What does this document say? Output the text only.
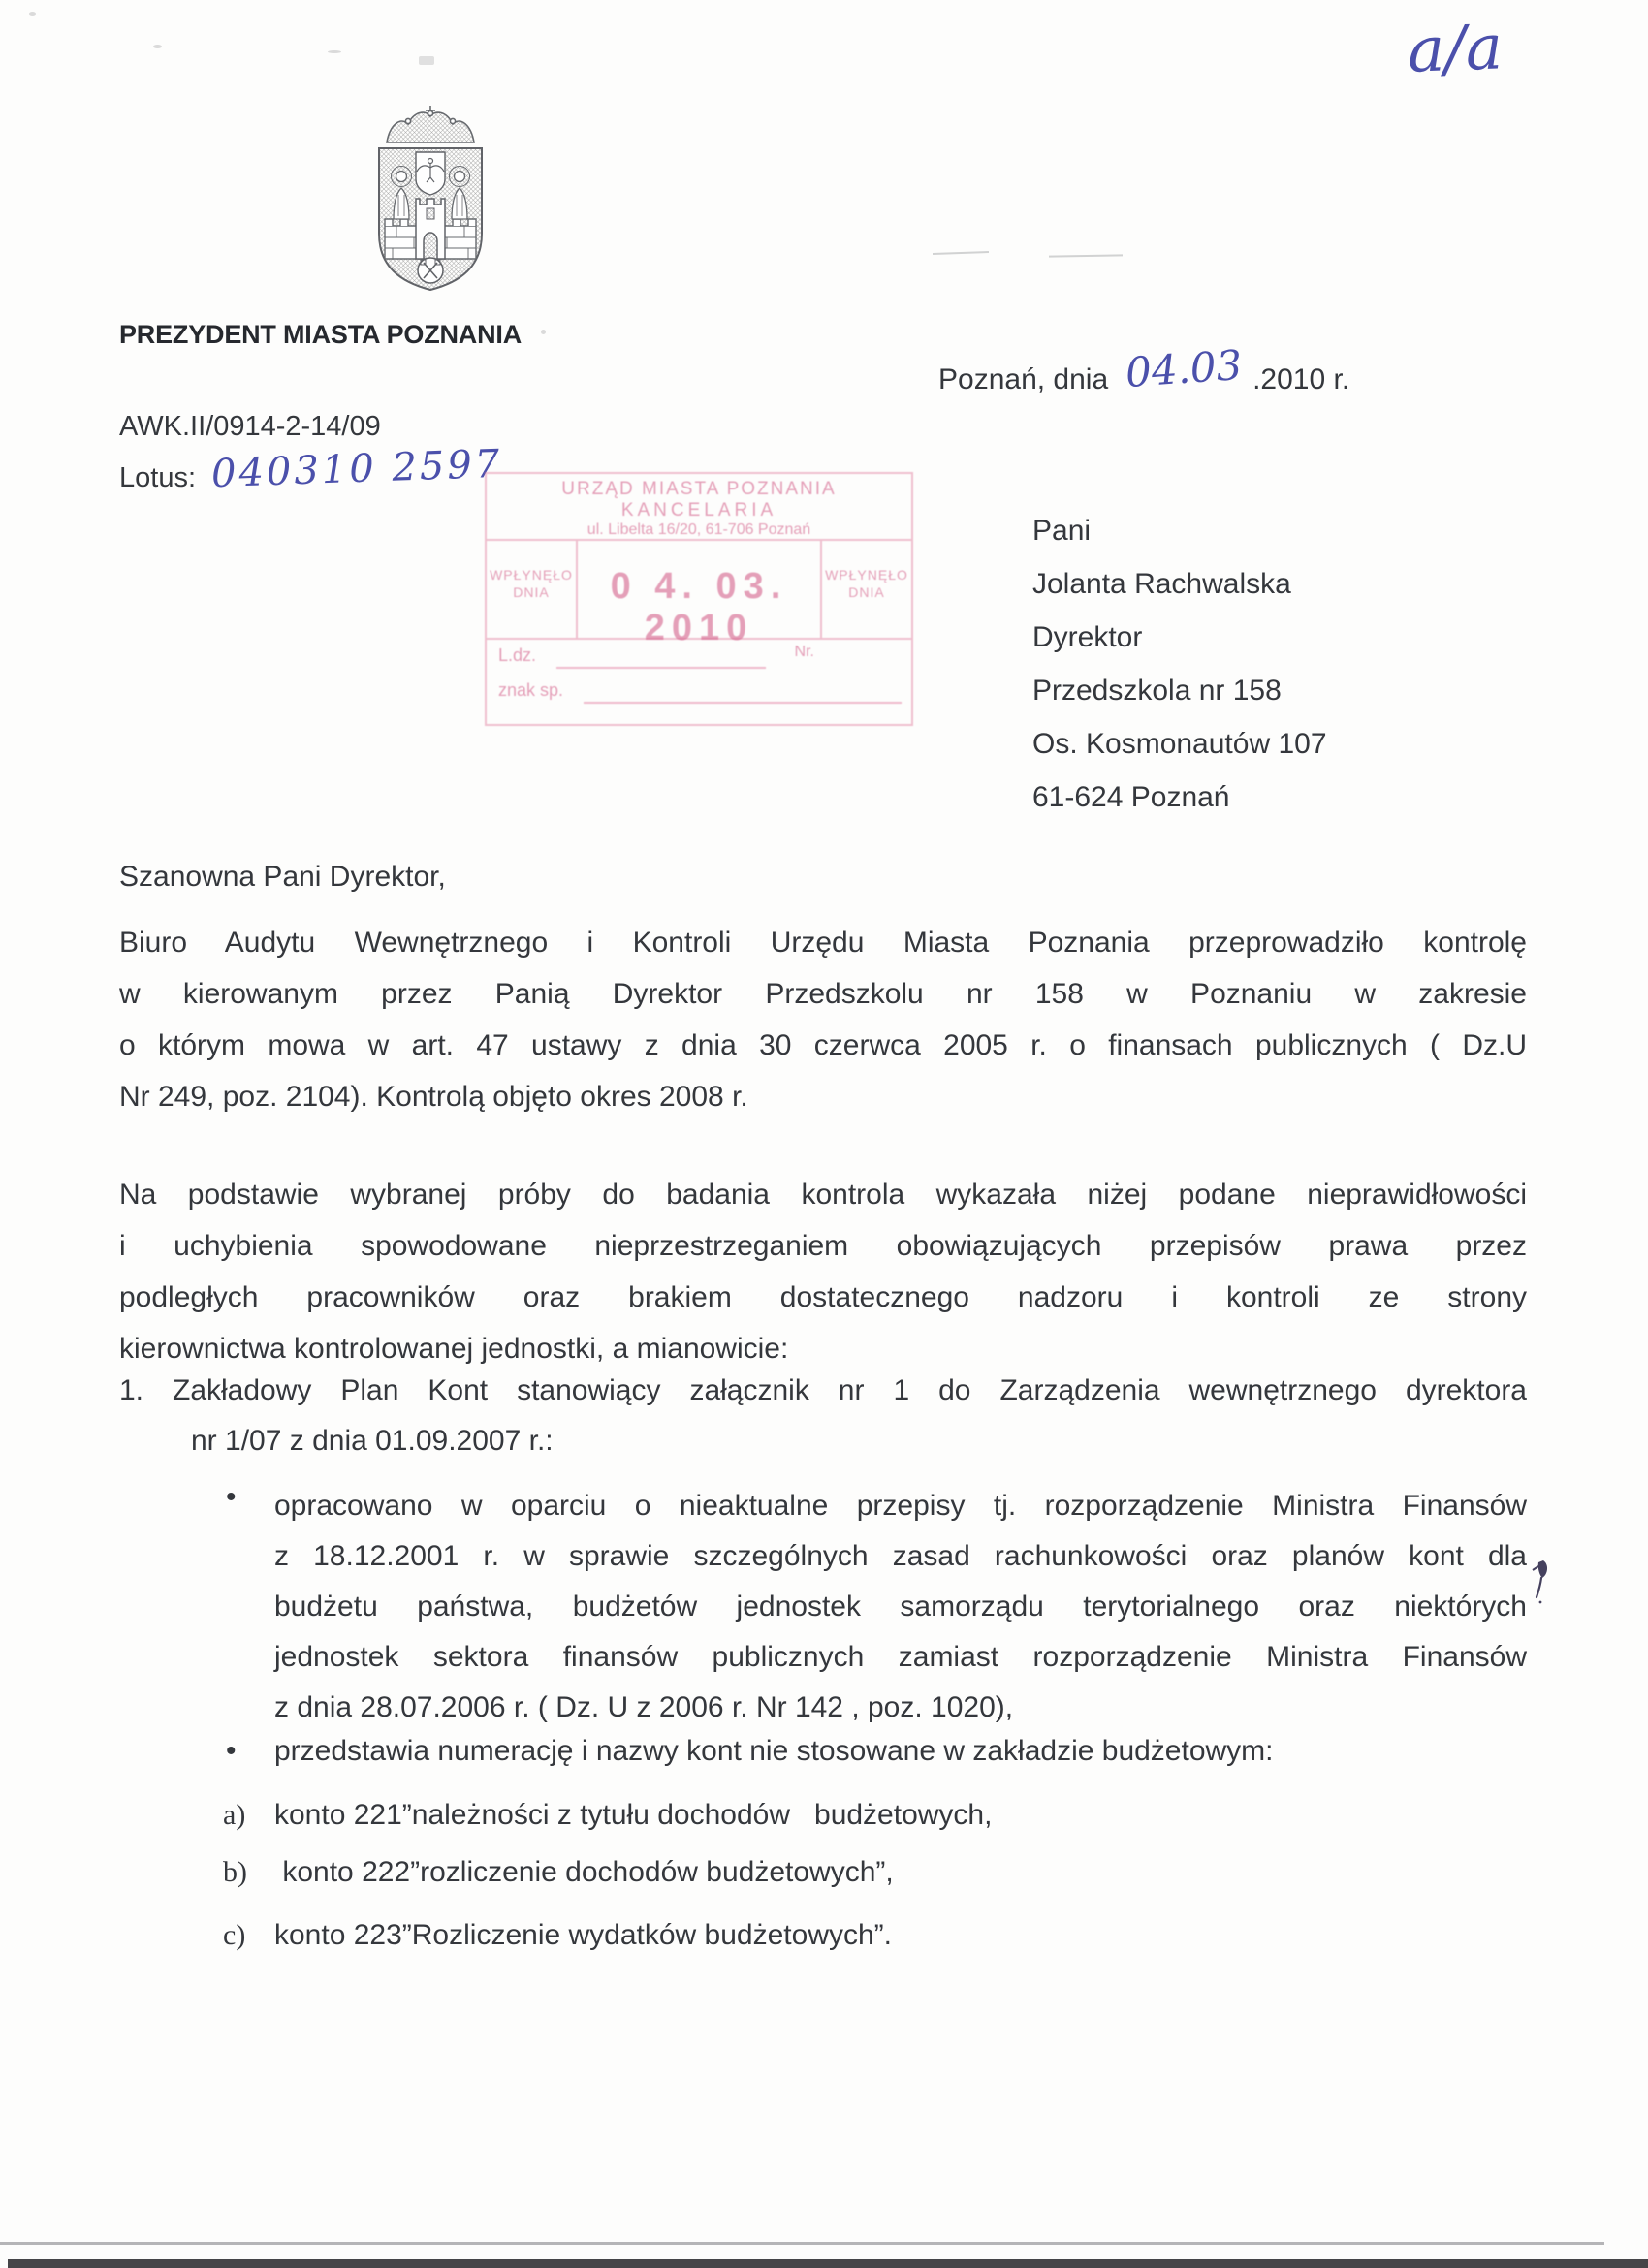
a/a
PREZYDENT MIASTA POZNANIA
Poznań, dnia 04.03 .2010 r.
AWK.II/0914-2-14/09
Lotus: 040310 2597	URZĄD MIASTA POZNANIA
KANCELARIA
ul. Libelta 16/20, 61-706 Poznań
WPŁYNĘŁO
DNIA	0 4. 03. 2010
WPŁYNĘŁO
DNIA
L.dz.	Nr.
znak sp.
Pani
Jolanta Rachwalska
Dyrektor
Przedszkola nr 158
Os. Kosmonautów 107
61-624 Poznań
Szanowna Pani Dyrektor,
Biuro Audytu Wewnętrznego i Kontroli Urzędu Miasta Poznania przeprowadziło kontrolę
w kierowanym przez Panią Dyrektor Przedszkolu nr 158 w Poznaniu w zakresie
o którym mowa w art. 47 ustawy z dnia 30 czerwca 2005 r. o finansach publicznych ( Dz.U
Nr 249, poz. 2104). Kontrolą objęto okres 2008 r.
Na podstawie wybranej próby do badania kontrola wykazała niżej podane nieprawidłowości
i uchybienia spowodowane nieprzestrzeganiem obowiązujących przepisów prawa przez
podległych pracowników oraz brakiem dostatecznego nadzoru i kontroli ze strony
kierownictwa kontrolowanej jednostki, a mianowicie:
1. Zakładowy Plan Kont stanowiący załącznik nr 1 do Zarządzenia wewnętrznego dyrektora
nr 1/07 z dnia 01.09.2007 r.:
• opracowano w oparciu o nieaktualne przepisy tj. rozporządzenie Ministra Finansów
z 18.12.2001 r. w sprawie szczególnych zasad rachunkowości oraz planów kont dla
budżetu państwa, budżetów jednostek samorządu terytorialnego oraz niektórych
jednostek sektora finansów publicznych zamiast rozporządzenie Ministra Finansów
z dnia 28.07.2006 r. ( Dz. U z 2006 r. Nr 142 , poz. 1020),
• przedstawia numerację i nazwy kont nie stosowane w zakładzie budżetowym:
a) konto 221”należności z tytułu dochodów   budżetowych,
b) konto 222”rozliczenie dochodów budżetowych”,
c) konto 223”Rozliczenie wydatków budżetowych”.
